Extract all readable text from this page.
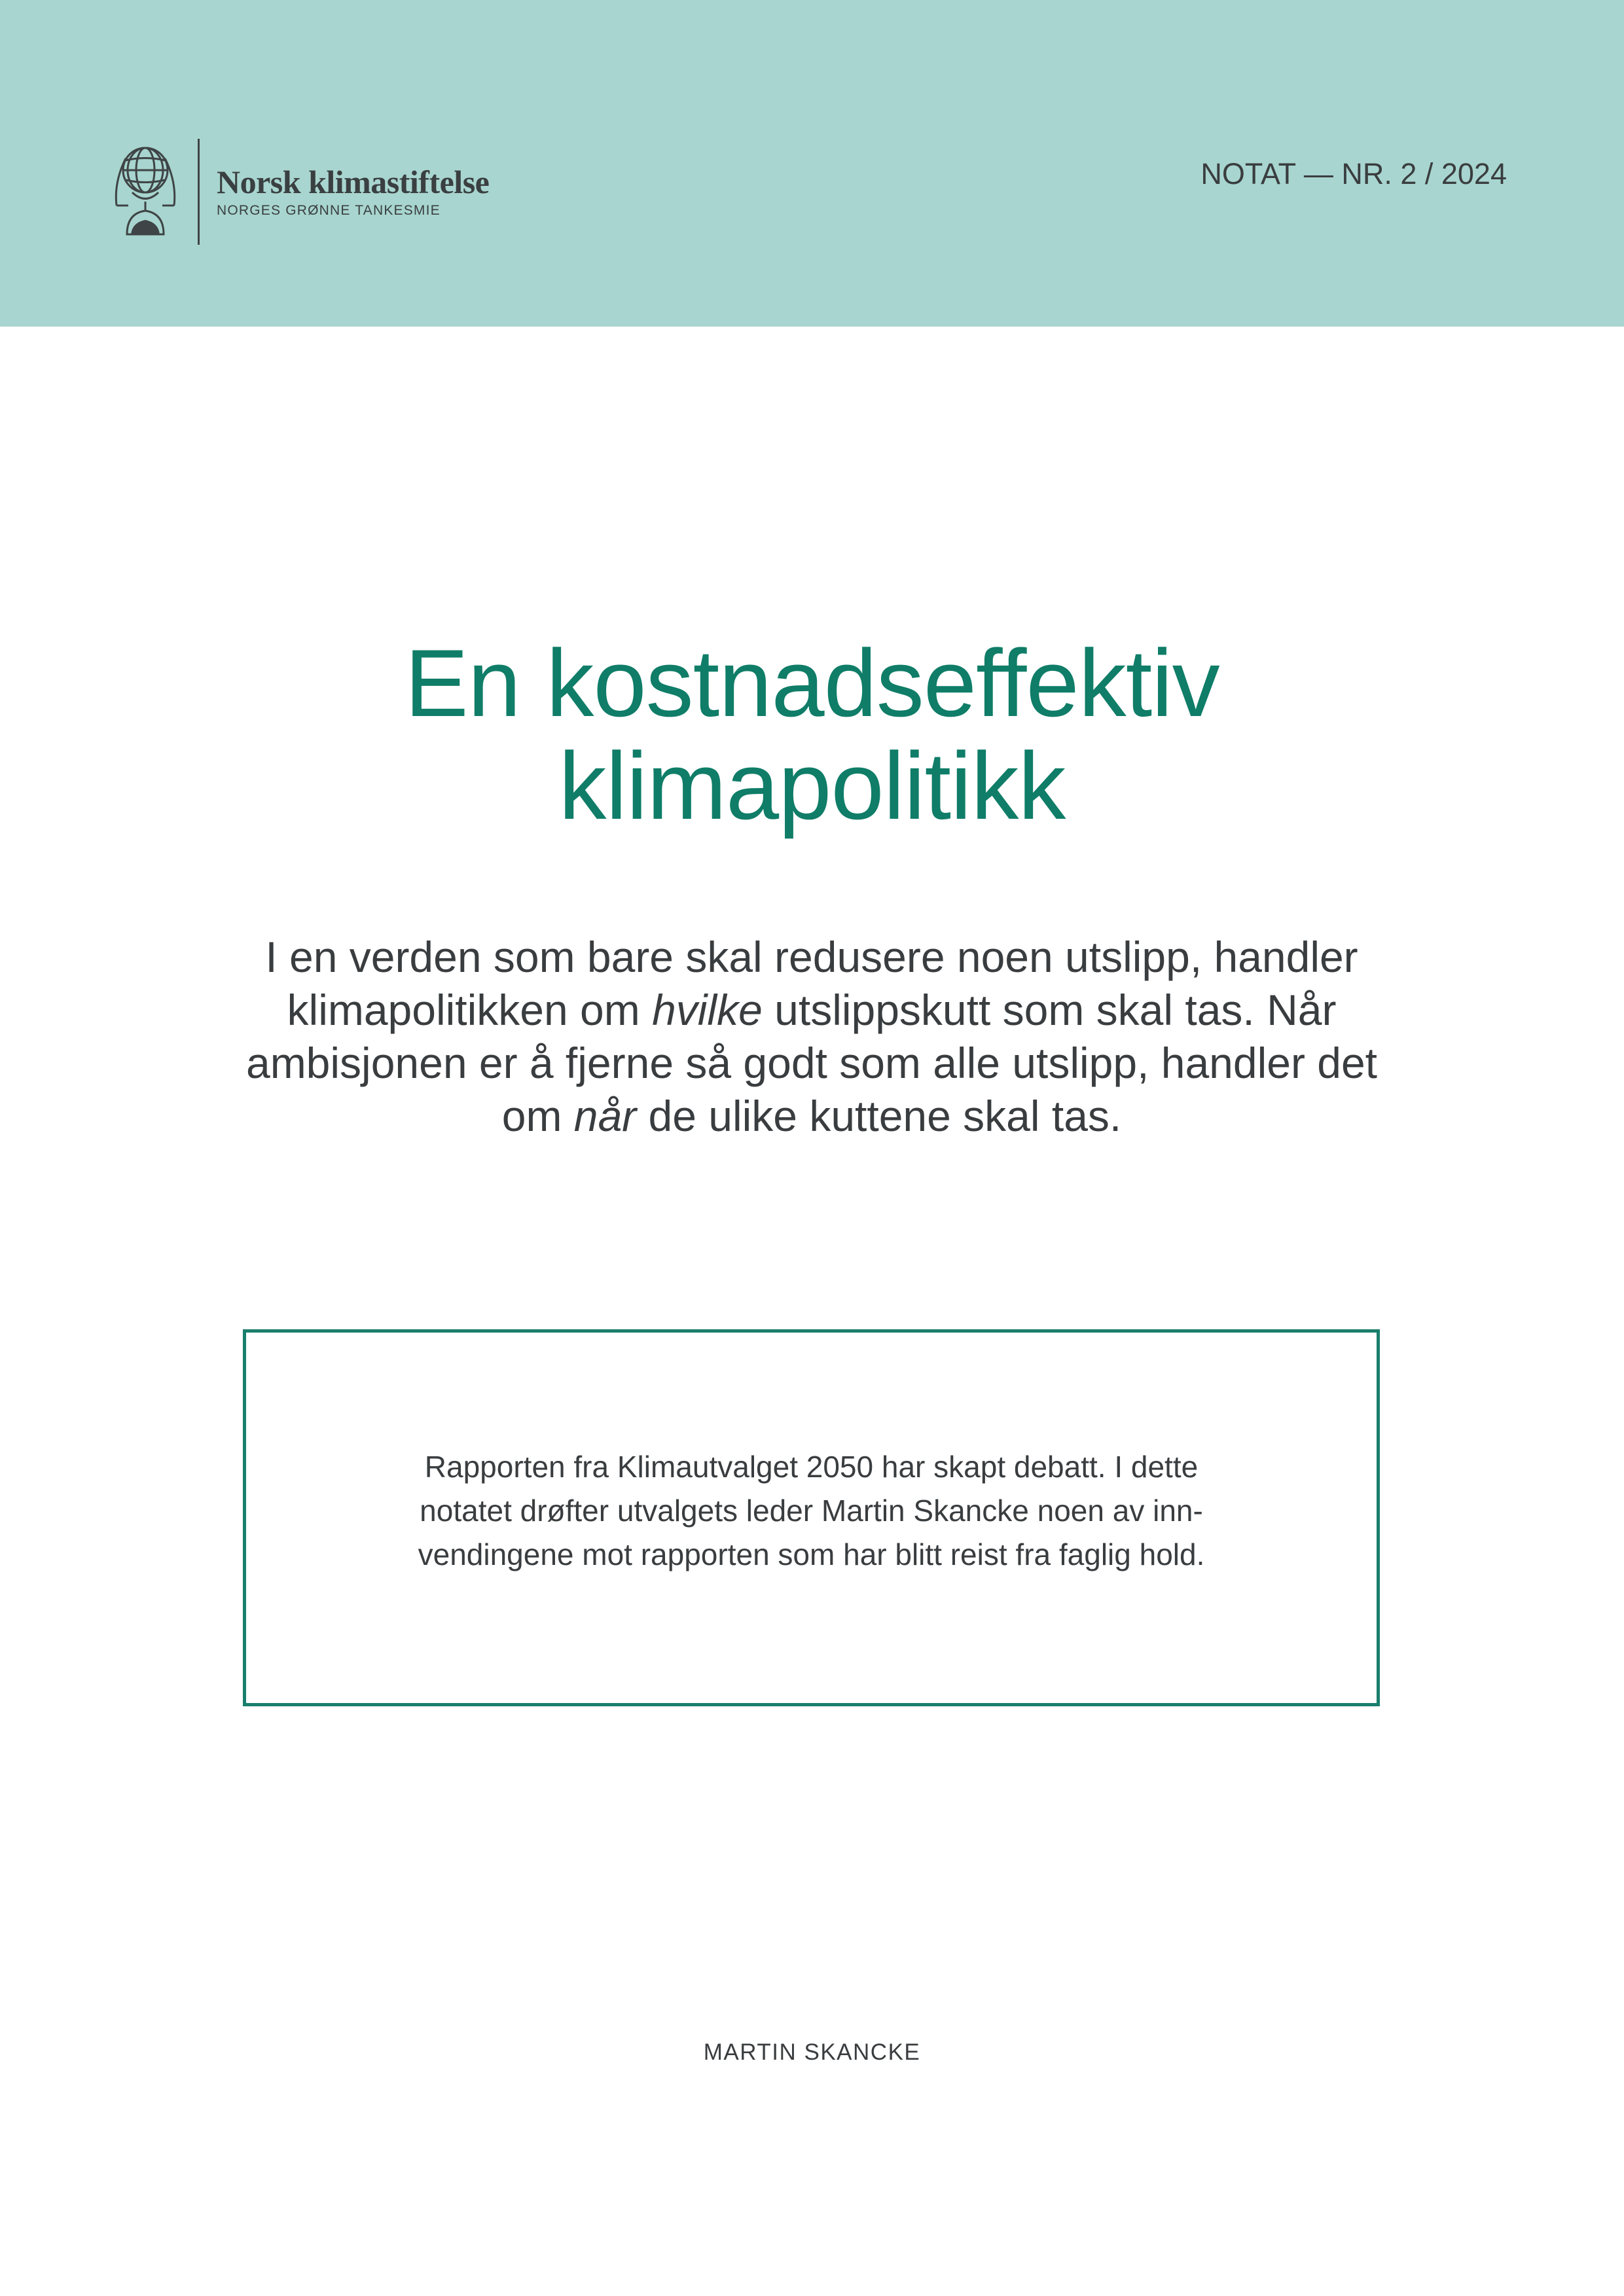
Norsk klimastiftelse
NORGES GRØNNE TANKESMIE
NOTAT — NR. 2 / 2024
En kostnadseffektiv
klimapolitikk

I en verden som bare skal redusere noen utslipp, handler klimapolitikken om hvilke utslippskutt som skal tas. Når ambisjonen er å fjerne så godt som alle utslipp, handler det om når de ulike kuttene skal tas.

Rapporten fra Klimautvalget 2050 har skapt debatt. I dette
notatet drøfter utvalgets leder Martin Skancke noen av inn-
vendingene mot rapporten som har blitt reist fra faglig hold.

MARTIN SKANCKE
